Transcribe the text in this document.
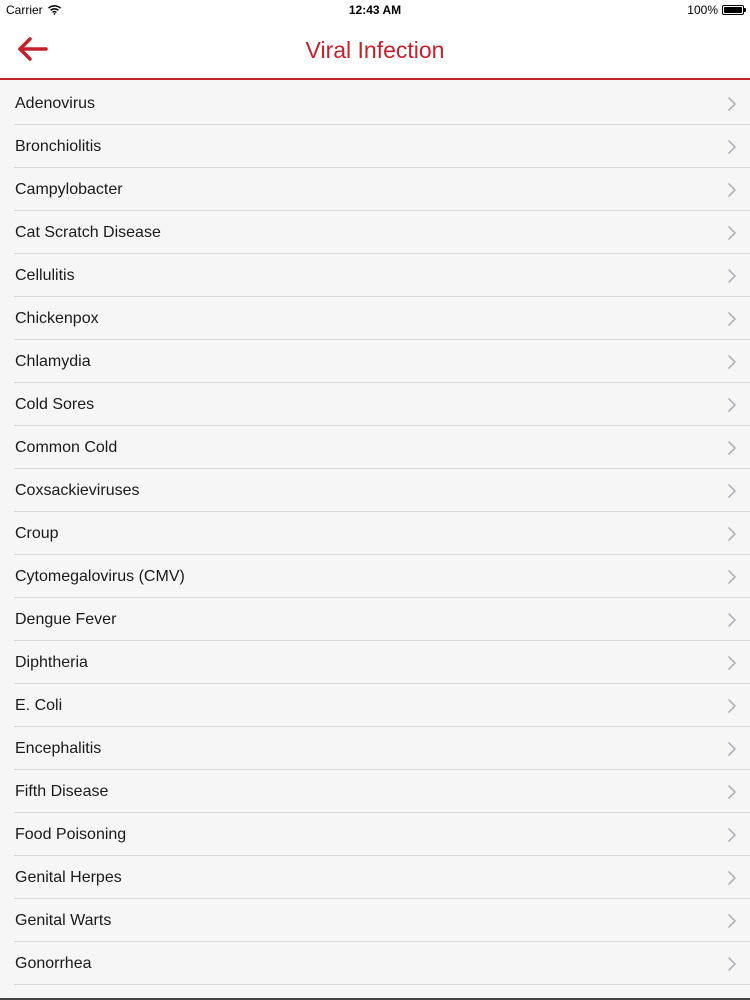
Carrier	12:43 AM	100%
Viral Infection
Adenovirus
Bronchiolitis
Campylobacter
Cat Scratch Disease
Cellulitis
Chickenpox
Chlamydia
Cold Sores
Common Cold
Coxsackieviruses
Croup
Cytomegalovirus (CMV)
Dengue Fever
Diphtheria
E. Coli
Encephalitis
Fifth Disease
Food Poisoning
Genital Herpes
Genital Warts
Gonorrhea
